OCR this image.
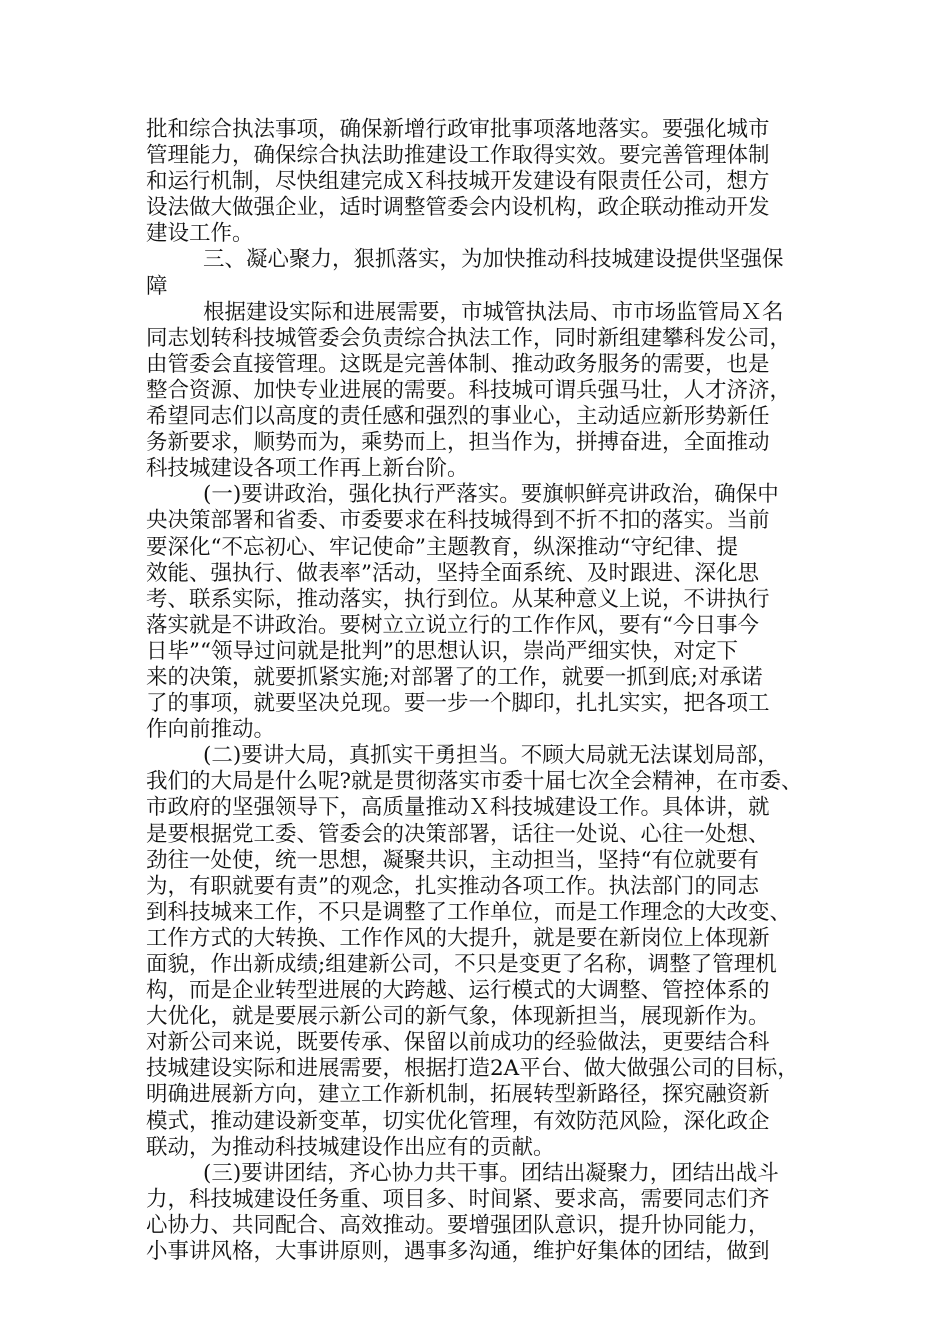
批和综合执法事项，确保新增行政审批事项落地落实。要强化城市
管理能力，确保综合执法助推建设工作取得实效。要完善管理体制
和运行机制，尽快组建完成Ｘ科技城开发建设有限责任公司，想方
设法做大做强企业，适时调整管委会内设机构，政企联动推动开发
建设工作。
三、凝心聚力，狠抓落实，为加快推动科技城建设提供坚强保
障
根据建设实际和进展需要，市城管执法局、市市场监管局Ｘ名
同志划转科技城管委会负责综合执法工作，同时新组建攀科发公司，
由管委会直接管理。这既是完善体制、推动政务服务的需要，也是
整合资源、加快专业进展的需要。科技城可谓兵强马壮，人才济济，
希望同志们以高度的责任感和强烈的事业心，主动适应新形势新任
务新要求，顺势而为，乘势而上，担当作为，拼搏奋进，全面推动
科技城建设各项工作再上新台阶。
(一)要讲政治，强化执行严落实。要旗帜鲜亮讲政治，确保中
央决策部署和省委、市委要求在科技城得到不折不扣的落实。当前
要深化“不忘初心、牢记使命”主题教育，纵深推动“守纪律、提
效能、强执行、做表率”活动，坚持全面系统、及时跟进、深化思
考、联系实际，推动落实，执行到位。从某种意义上说，不讲执行
落实就是不讲政治。要树立立说立行的工作作风，要有“今日事今
日毕”“领导过问就是批判”的思想认识，崇尚严细实快，对定下
来的决策，就要抓紧实施;对部署了的工作，就要一抓到底;对承诺
了的事项，就要坚决兑现。要一步一个脚印，扎扎实实，把各项工
作向前推动。
(二)要讲大局，真抓实干勇担当。不顾大局就无法谋划局部，
我们的大局是什么呢?就是贯彻落实市委十届七次全会精神，在市委、
市政府的坚强领导下，高质量推动Ｘ科技城建设工作。具体讲，就
是要根据党工委、管委会的决策部署，话往一处说、心往一处想、
劲往一处使，统一思想，凝聚共识，主动担当，坚持“有位就要有
为，有职就要有责”的观念，扎实推动各项工作。执法部门的同志
到科技城来工作，不只是调整了工作单位，而是工作理念的大改变、
工作方式的大转换、工作作风的大提升，就是要在新岗位上体现新
面貌，作出新成绩;组建新公司，不只是变更了名称，调整了管理机
构，而是企业转型进展的大跨越、运行模式的大调整、管控体系的
大优化，就是要展示新公司的新气象，体现新担当，展现新作为。
对新公司来说，既要传承、保留以前成功的经验做法，更要结合科
技城建设实际和进展需要，根据打造2A平台、做大做强公司的目标，
明确进展新方向，建立工作新机制，拓展转型新路径，探究融资新
模式，推动建设新变革，切实优化管理，有效防范风险，深化政企
联动，为推动科技城建设作出应有的贡献。
(三)要讲团结，齐心协力共干事。团结出凝聚力，团结出战斗
力，科技城建设任务重、项目多、时间紧、要求高，需要同志们齐
心协力、共同配合、高效推动。要增强团队意识，提升协同能力，
小事讲风格，大事讲原则，遇事多沟通，维护好集体的团结，做到
